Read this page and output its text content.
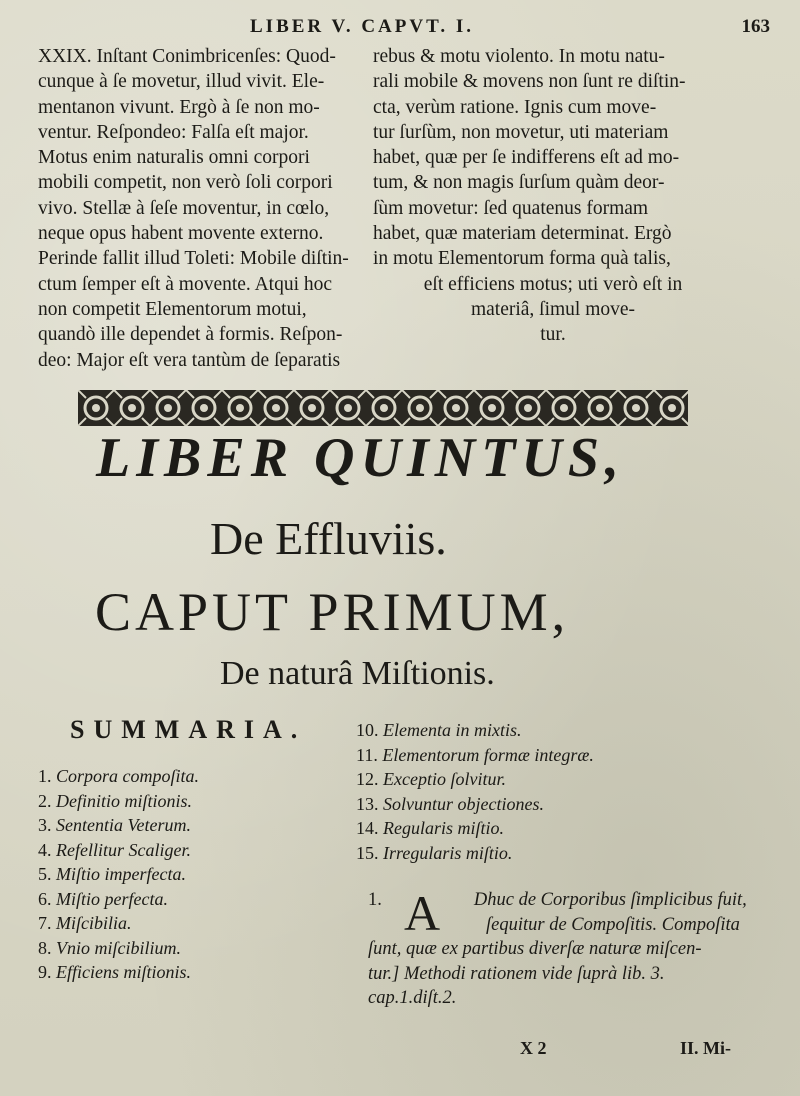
LIBER V. CAPVT. I.	163
XXIX. Inſtant Conimbricenſes: Quod-
cunque à ſe movetur, illud vivit. Ele-
mentanon vivunt. Ergò à ſe non mo-
ventur. Reſpondeo: Falſa eſt major.
Motus enim naturalis omni corpori
mobili competit, non verò ſoli corpori
vivo. Stellæ à ſeſe moventur, in cœlo,
neque opus habent movente externo.
Perinde fallit illud Toleti: Mobile diſtin-
ctum ſemper eſt à movente. Atqui hoc
non competit Elementorum motui,
quandò ille dependet à formis. Reſpon-
deo: Major eſt vera tantùm de ſeparatis
rebus & motu violento. In motu natu-
rali mobile & movens non ſunt re diſtin-
cta, verùm ratione. Ignis cum move-
tur ſurſùm, non movetur, uti materiam
habet, quæ per ſe indifferens eſt ad mo-
tum, & non magis ſurſum quàm deor-
ſùm movetur: ſed quatenus formam
habet, quæ materiam determinat. Ergò
in motu Elementorum forma quà talis,
eſt efficiens motus; uti verò eſt in
materiâ, ſimul move-
tur.
LIBER QUINTUS,
De Effluviis.
CAPUT PRIMUM,
De naturâ Miſtionis.
SUMMARIA.
1. Corpora compoſita.
2. Definitio miſtionis.
3. Sententia Veterum.
4. Refellitur Scaliger.
5. Miſtio imperfecta.
6. Miſtio perfecta.
7. Miſcibilia.
8. Vnio miſcibilium.
9. Efficiens miſtionis.
10. Elementa in mixtis.
11. Elementorum formæ integræ.
12. Exceptio ſolvitur.
13. Solvuntur objectiones.
14. Regularis miſtio.
15. Irregularis miſtio.
1.	Dhuc de Corporibus ſimplicibus fuit,
ſequitur de Compoſitis. Compoſita
ſunt, quæ ex partibus diverſæ naturæ miſcen-
tur.] Methodi rationem vide ſuprà lib. 3.
cap.1.diſt.2.
A
X 2	II. Mi-
